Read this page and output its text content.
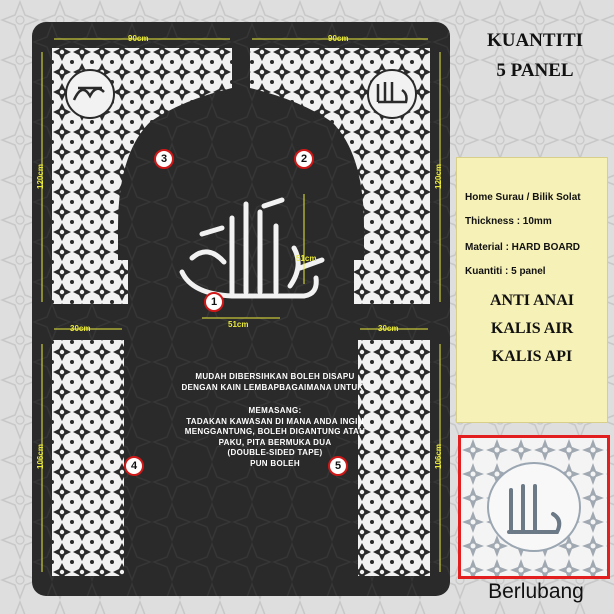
90cm	90cm
120cm	120cm
51cm
51cm
30cm	30cm
106cm	106cm
1
2
3
4	5
MUDAH DIBERSIHKAN BOLEH DISAPU
DENGAN KAIN LEMBAPBAGAIMANA UNTUK .
MEMASANG:
TADAKAN KAWASAN DI MANA ANDA INGIN
MENGGANTUNG, BOLEH DIGANTUNG ATAU
PAKU, PITA BERMUKA DUA
(DOUBLE-SIDED TAPE)
PUN BOLEH
KUANTITI
5 PANEL
Home Surau / Bilik Solat
Thickness : 10mm
Material : HARD BOARD
Kuantiti : 5 panel
ANTI ANAI
KALIS AIR
KALIS API
Berlubang
